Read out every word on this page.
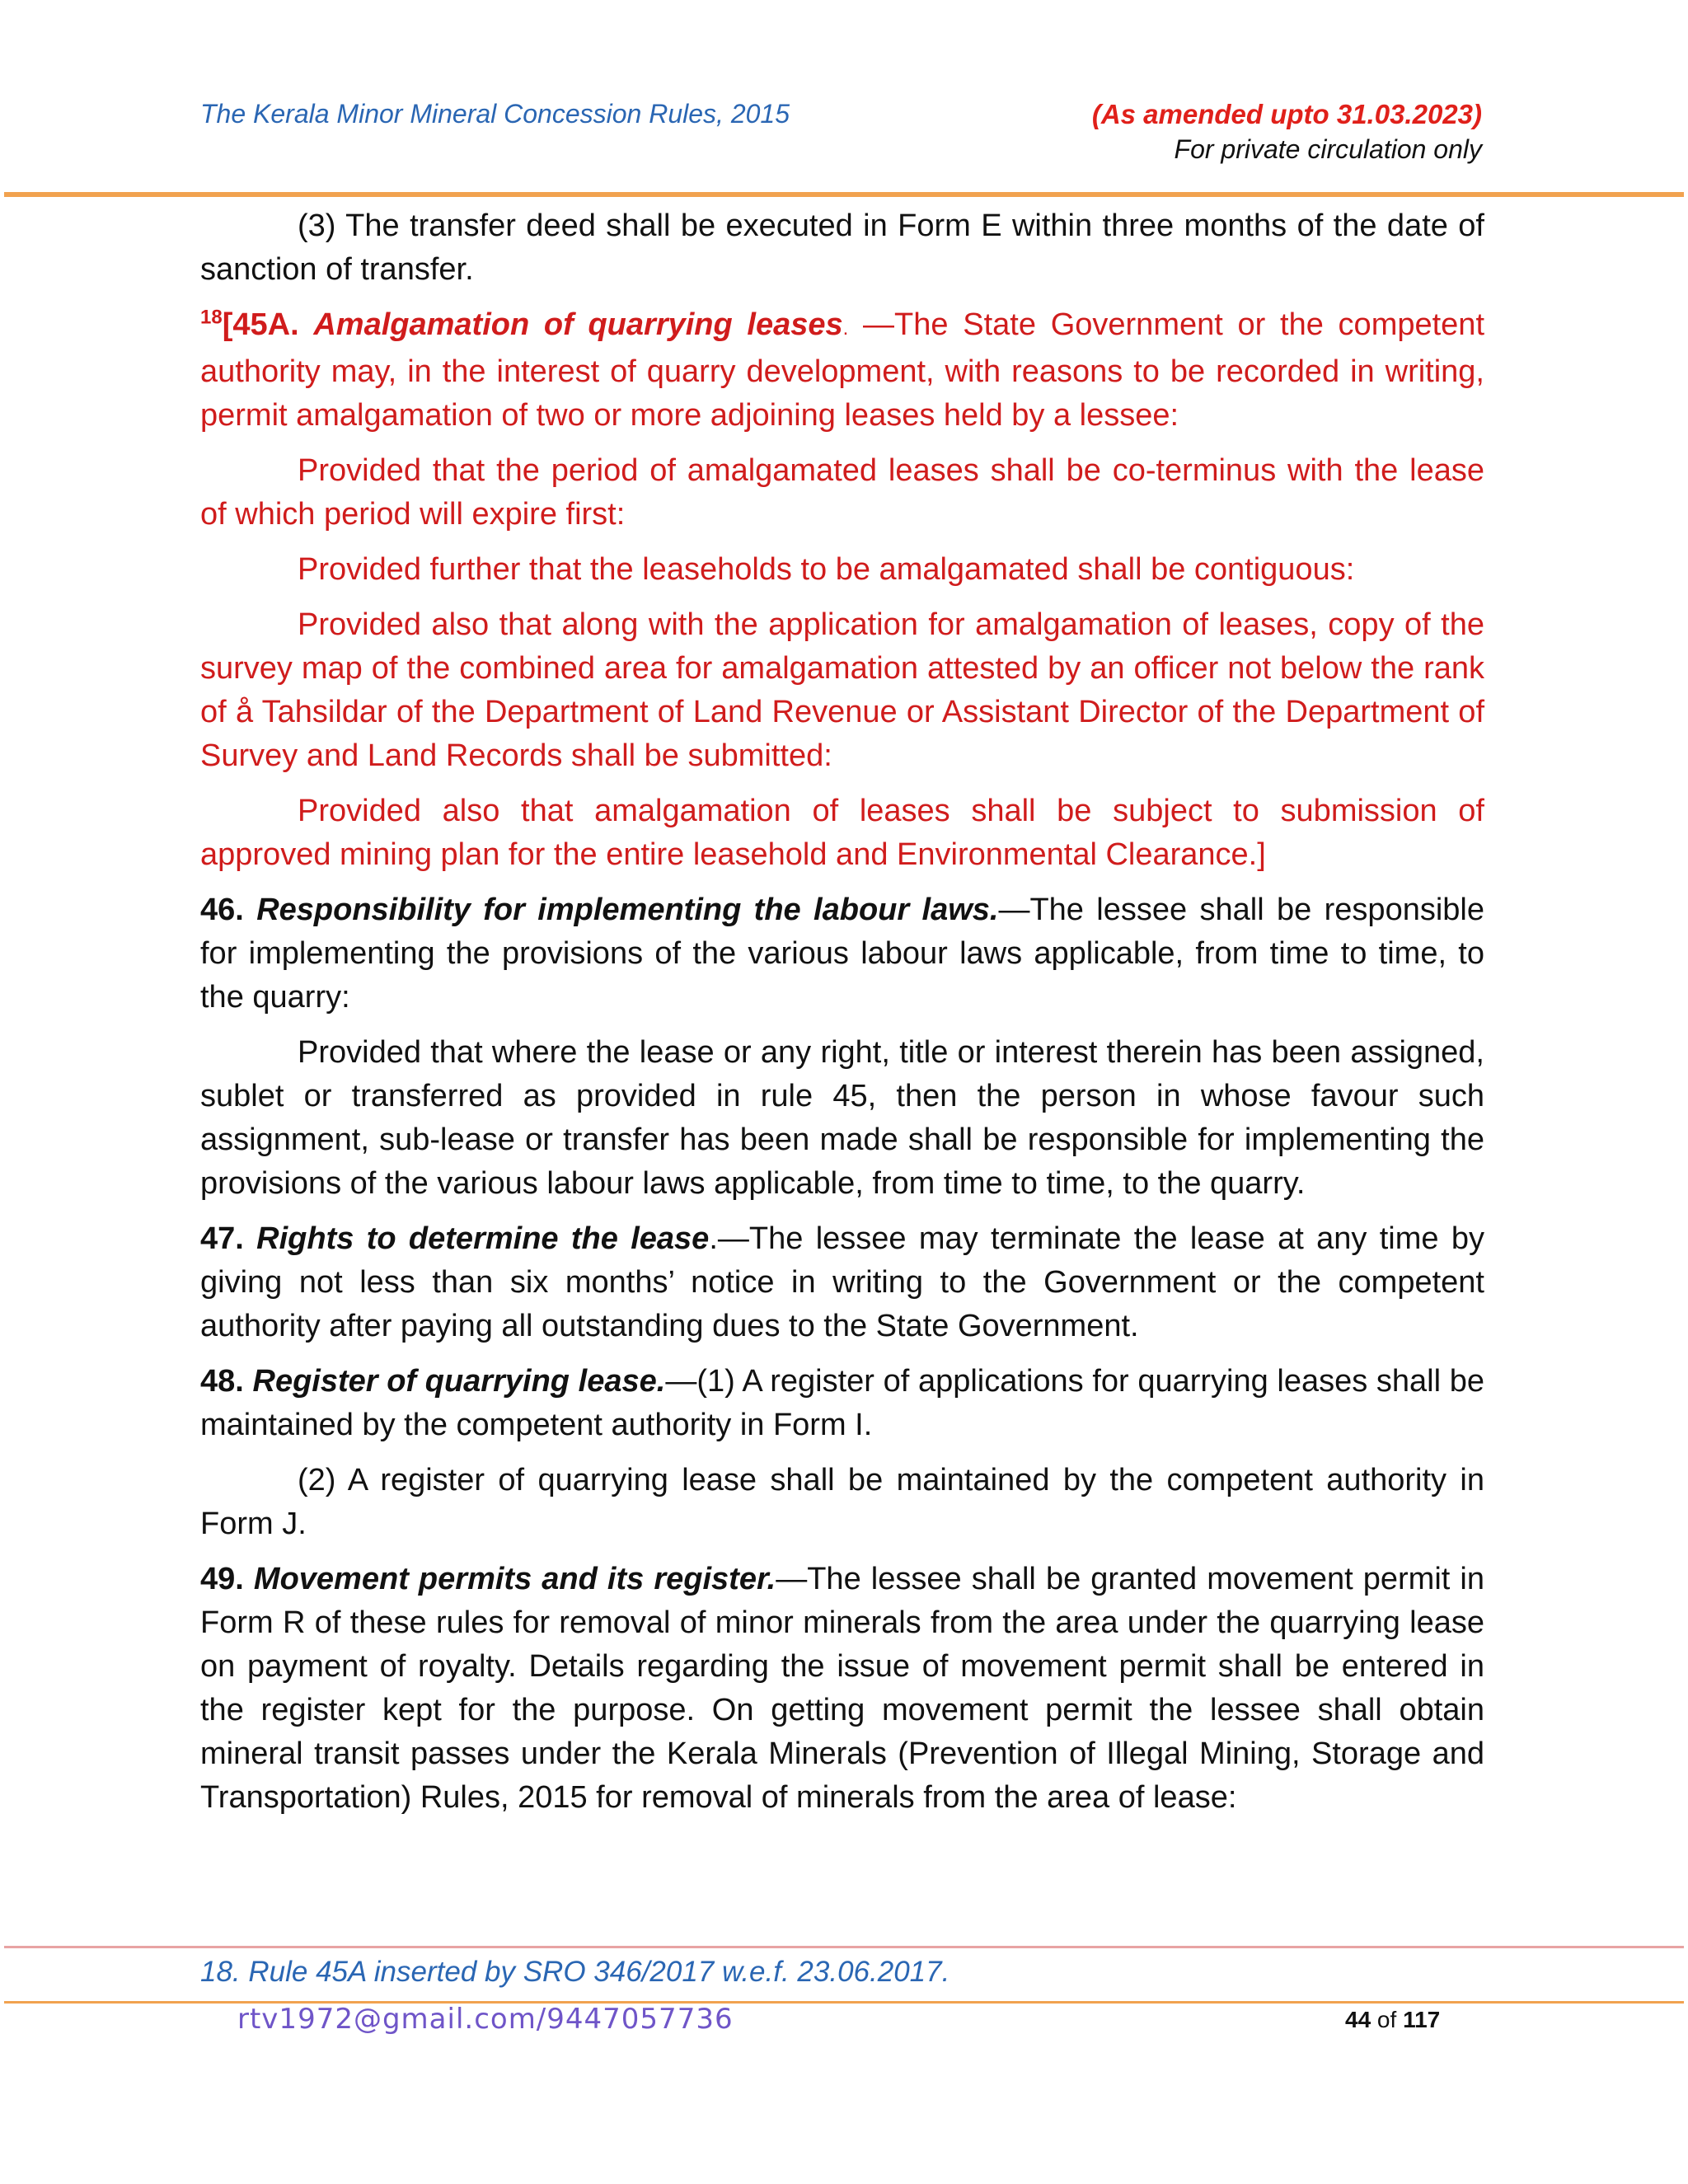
The Kerala Minor Mineral Concession Rules, 2015	(As amended upto 31.03.2023)
For private circulation only

(3) The transfer deed shall be executed in Form E within three months of the date of sanction of transfer.

$^{18}$[45A. Amalgamation of quarrying leases. —The State Government or the competent authority may, in the interest of quarry development, with reasons to be recorded in writing, permit amalgamation of two or more adjoining leases held by a lessee:

Provided that the period of amalgamated leases shall be co-terminus with the lease of which period will expire first:

Provided further that the leaseholds to be amalgamated shall be contiguous:

Provided also that along with the application for amalgamation of leases, copy of the survey map of the combined area for amalgamation attested by an officer not below the rank of å Tahsildar of the Department of Land Revenue or Assistant Director of the Department of Survey and Land Records shall be submitted:

Provided also that amalgamation of leases shall be subject to submission of approved mining plan for the entire leasehold and Environmental Clearance.]

46. Responsibility for implementing the labour laws.—The lessee shall be responsible for implementing the provisions of the various labour laws applicable, from time to time, to the quarry:

Provided that where the lease or any right, title or interest therein has been assigned, sublet or transferred as provided in rule 45, then the person in whose favour such assignment, sub-lease or transfer has been made shall be responsible for implementing the provisions of the various labour laws applicable, from time to time, to the quarry.

47. Rights to determine the lease.—The lessee may terminate the lease at any time by giving not less than six months’ notice in writing to the Government or the competent authority after paying all outstanding dues to the State Government.

48. Register of quarrying lease.—(1) A register of applications for quarrying leases shall be maintained by the competent authority in Form I.

(2) A register of quarrying lease shall be maintained by the competent authority in Form J.

49. Movement permits and its register.—The lessee shall be granted movement permit in Form R of these rules for removal of minor minerals from the area under the quarrying lease on payment of royalty. Details regarding the issue of movement permit shall be entered in the register kept for the purpose. On getting movement permit the lessee shall obtain mineral transit passes under the Kerala Minerals (Prevention of Illegal Mining, Storage and Transportation) Rules, 2015 for removal of minerals from the area of lease:

18. Rule 45A inserted by SRO 346/2017 w.e.f. 23.06.2017.
rtv1972@gmail.com/9447057736	44 of 117
